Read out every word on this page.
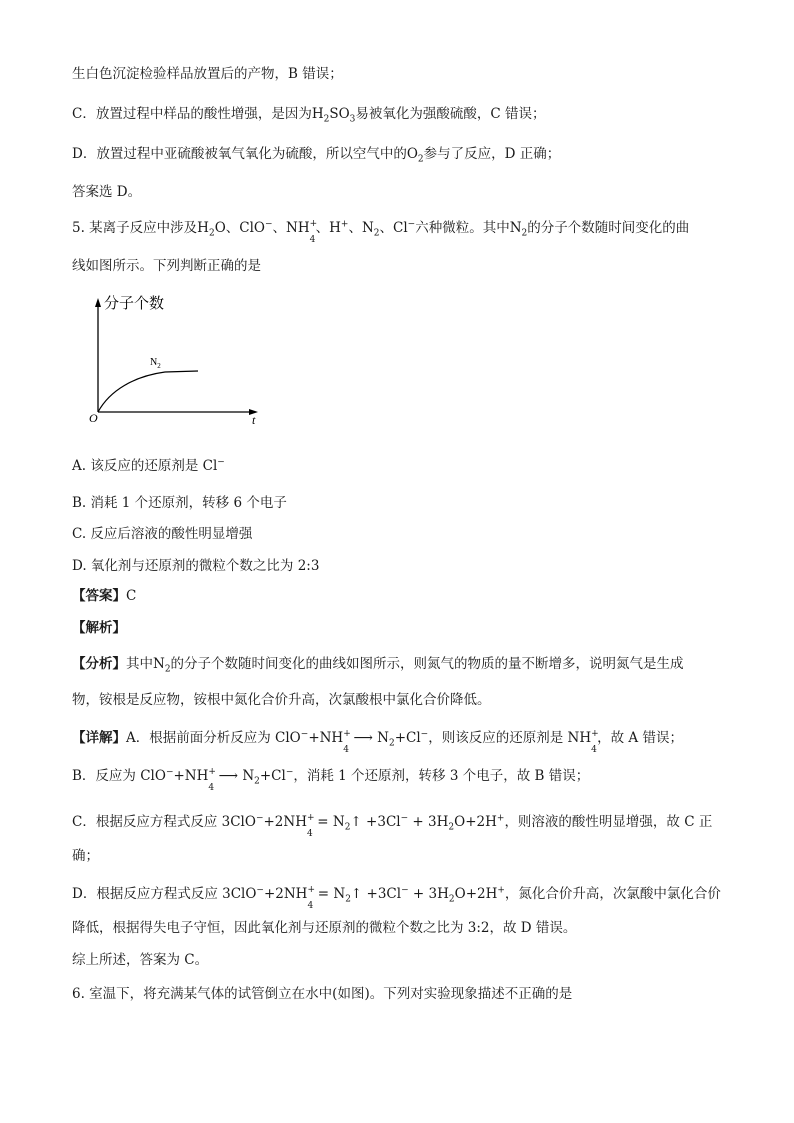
生白色沉淀检验样品放置后的产物，B 错误；
C．放置过程中样品的酸性增强，是因为$H_2SO_3$易被氧化为强酸硫酸，C 错误；
D．放置过程中亚硫酸被氧气氧化为硫酸，所以空气中的$O_2$参与了反应，D 正确；
答案选 D。
5. 某离子反应中涉及$H_2O$、ClO−、NH +
4
、H+、$N_2$、Cl−六种微粒。其中$N_2$的分子个数随时间变化的曲
线如图所示。下列判断正确的是
分子个数
$N_2$
O	t
A. 该反应的还原剂是 Cl−
B. 消耗 1 个还原剂，转移 6 个电子
C. 反应后溶液的酸性明显增强
D. 氧化剂与还原剂的微粒个数之比为 2:3
【答案】C
【解析】
【分析】其中$N_2$的分子个数随时间变化的曲线如图所示，则氮气的物质的量不断增多，说明氮气是生成
物，铵根是反应物，铵根中氮化合价升高，次氯酸根中氯化合价降低。
【详解】A．根据前面分析反应为 ClO−+NH +
4
⟶ $N_2+Cl^-$，则该反应的还原剂是 NH +
4
，故 A 错误；
B．反应为 ClO−+NH +
4
⟶ $N_2+Cl^-$，消耗 1 个还原剂，转移 3 个电子，故 B 错误；
C．根据反应方程式反应 3ClO−+2NH +
4
= $N_2↑ +3Cl^- + 3H_2O+2H^+$，则溶液的酸性明显增强，故 C 正
确；
D．根据反应方程式反应 3ClO−+2NH +
4
= $N_2↑ +3Cl^- + 3H_2O+2H^+$，氮化合价升高，次氯酸中氯化合价
降低，根据得失电子守恒，因此氧化剂与还原剂的微粒个数之比为 3:2，故 D 错误。
综上所述，答案为 C。
6. 室温下，将充满某气体的试管倒立在水中(如图)。下列对实验现象描述不正确的是
